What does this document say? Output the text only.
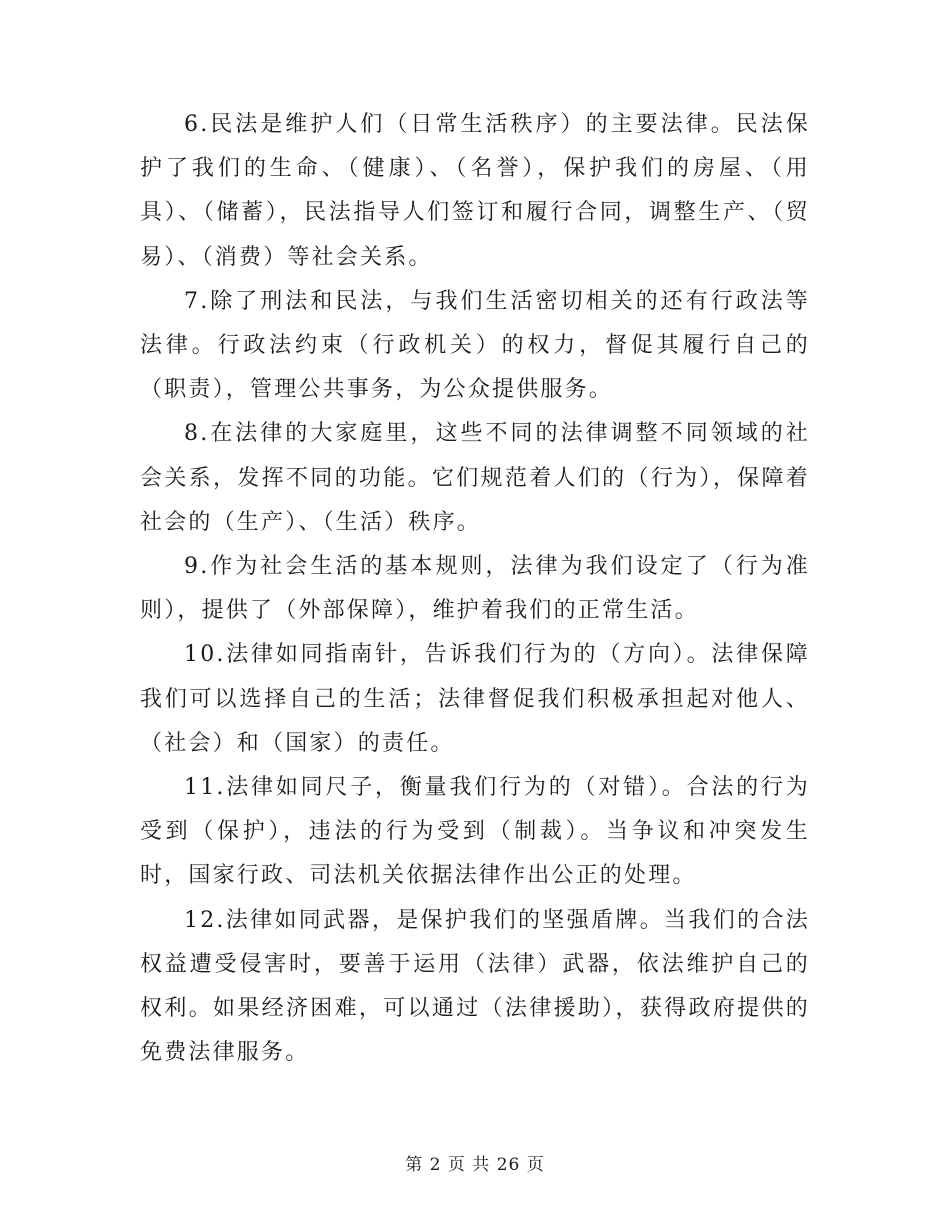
6.民法是维护人们（日常生活秩序）的主要法律。民法保护了我们的生命、（健康）、（名誉），保护我们的房屋、（用具）、（储蓄），民法指导人们签订和履行合同，调整生产、（贸易）、（消费）等社会关系。

7.除了刑法和民法，与我们生活密切相关的还有行政法等法律。行政法约束（行政机关）的权力，督促其履行自己的（职责），管理公共事务，为公众提供服务。

8.在法律的大家庭里，这些不同的法律调整不同领域的社会关系，发挥不同的功能。它们规范着人们的（行为），保障着社会的（生产）、（生活）秩序。

9.作为社会生活的基本规则，法律为我们设定了（行为准则），提供了（外部保障），维护着我们的正常生活。

10.法律如同指南针，告诉我们行为的（方向）。法律保障我们可以选择自己的生活；法律督促我们积极承担起对他人、（社会）和（国家）的责任。

11.法律如同尺子，衡量我们行为的（对错）。合法的行为受到（保护），违法的行为受到（制裁）。当争议和冲突发生时，国家行政、司法机关依据法律作出公正的处理。

12.法律如同武器，是保护我们的坚强盾牌。当我们的合法权益遭受侵害时，要善于运用（法律）武器，依法维护自己的权利。如果经济困难，可以通过（法律援助），获得政府提供的免费法律服务。

第 2 页 共 26 页
